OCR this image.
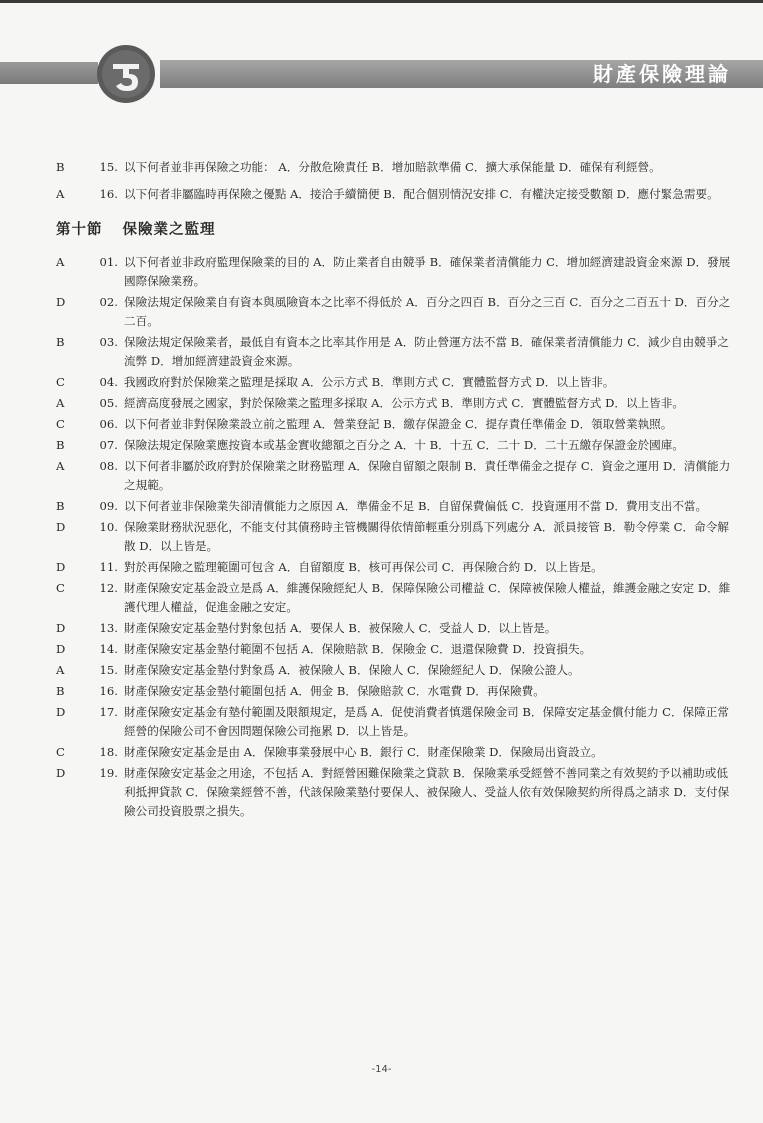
財產保險理論
B	15. 以下何者並非再保險之功能： A．分散危險責任 B．增加賠款準備 C．擴大承保能量 D．確保有利經營。
A	16. 以下何者非屬臨時再保險之優點 A．接洽手續簡便 B．配合個別情況安排 C．有權決定接受數額 D．應付緊急需要。
第十節 保險業之監理
A	01. 以下何者並非政府監理保險業的目的 A．防止業者自由競爭 B．確保業者清償能力 C．增加經濟建設資金來源 D．發展國際保險業務。
D	02. 保險法規定保險業自有資本與風險資本之比率不得低於 A．百分之四百 B．百分之三百 C．百分之二百五十 D．百分之二百。
B	03. 保險法規定保險業者，最低自有資本之比率其作用是 A．防止營運方法不當 B．確保業者清償能力 C．減少自由競爭之流弊 D．增加經濟建設資金來源。
C	04. 我國政府對於保險業之監理是採取 A．公示方式 B．準則方式 C．實體監督方式 D．以上皆非。
A	05. 經濟高度發展之國家，對於保險業之監理多採取 A．公示方式 B．準則方式 C．實體監督方式 D．以上皆非。
C	06. 以下何者並非對保險業設立前之監理 A．營業登記 B．繳存保證金 C．提存責任準備金 D．領取營業執照。
B	07. 保險法規定保險業應按資本或基金實收總額之百分之 A．十 B．十五 C．二十 D．二十五繳存保證金於國庫。
A	08. 以下何者非屬於政府對於保險業之財務監理 A．保險自留額之限制 B．責任準備金之提存 C．資金之運用 D．清償能力之規範。
B	09. 以下何者並非保險業失卻清償能力之原因 A．準備金不足 B．自留保費偏低 C．投資運用不當 D．費用支出不當。
D	10. 保險業財務狀況惡化，不能支付其債務時主管機關得依情節輕重分別爲下列處分 A．派員接管 B．勒令停業 C．命令解散 D．以上皆是。
D	11. 對於再保險之監理範圍可包含 A．自留額度 B．核可再保公司 C．再保險合約 D．以上皆是。
C	12. 財產保險安定基金設立是爲 A．維護保險經紀人 B．保障保險公司權益 C．保障被保險人權益，維護金融之安定 D．維護代理人權益，促進金融之安定。
D	13. 財產保險安定基金墊付對象包括 A．要保人 B．被保險人 C．受益人 D．以上皆是。
D	14. 財產保險安定基金墊付範圍不包括 A．保險賠款 B．保險金 C．退還保險費 D．投資損失。
A	15. 財產保險安定基金墊付對象爲 A．被保險人 B．保險人 C．保險經紀人 D．保險公證人。
B	16. 財產保險安定基金墊付範圍包括 A．佣金 B．保險賠款 C．水電費 D．再保險費。
D	17. 財產保險安定基金有墊付範圍及限額規定，是爲 A．促使消費者慎選保險金司 B．保障安定基金償付能力 C．保障正常經營的保險公司不會因問題保險公司拖累 D．以上皆是。
C	18. 財產保險安定基金是由 A．保險事業發展中心 B．銀行 C．財產保險業 D．保險局出資設立。
D	19. 財產保險安定基金之用途，不包括 A．對經營困難保險業之貸款 B．保險業承受經營不善同業之有效契約予以補助或低利抵押貸款 C．保險業經營不善，代該保險業墊付要保人、被保險人、受益人依有效保險契約所得爲之請求 D．支付保險公司投資股票之損失。
-14-
